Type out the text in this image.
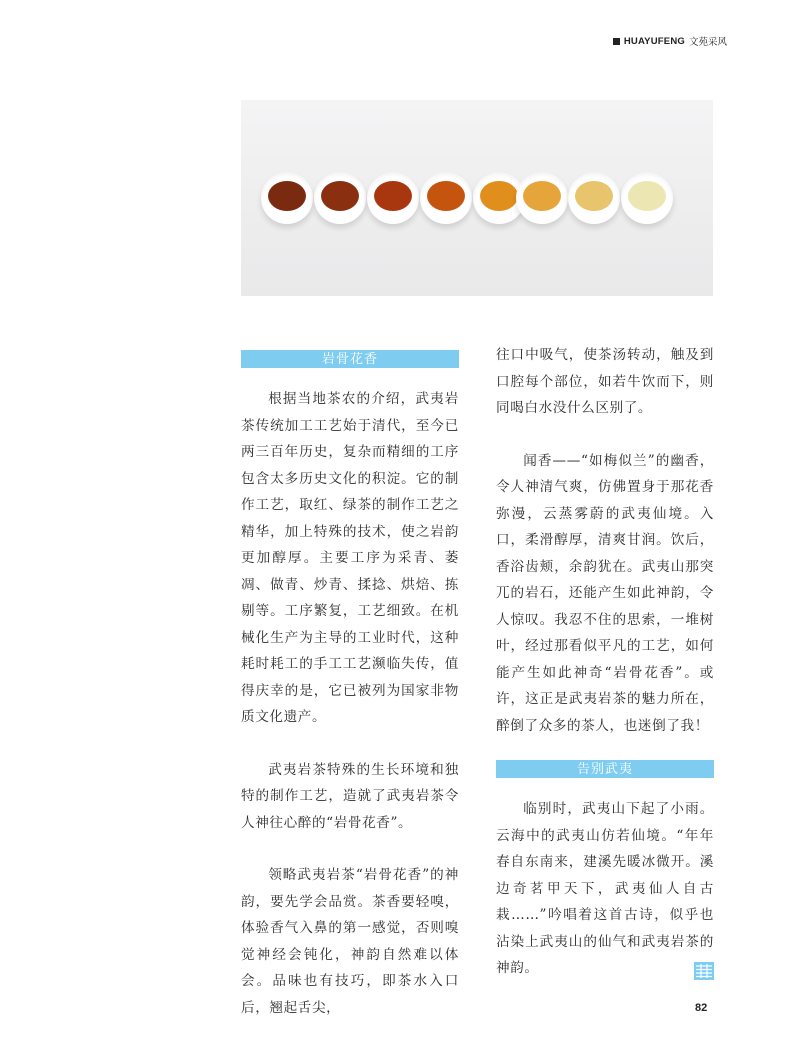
HUAYUFENG 文苑采风
岩骨花香

根据当地茶农的介绍，武夷岩茶传统加工工艺始于清代，至今已两三百年历史，复杂而精细的工序包含太多历史文化的积淀。它的制作工艺，取红、绿茶的制作工艺之精华，加上特殊的技术，使之岩韵更加醇厚。主要工序为采青、萎凋、做青、炒青、揉捻、烘焙、拣剔等。工序繁复，工艺细致。在机械化生产为主导的工业时代，这种耗时耗工的手工工艺濒临失传，值得庆幸的是，它已被列为国家非物质文化遗产。

武夷岩茶特殊的生长环境和独特的制作工艺，造就了武夷岩茶令人神往心醉的“岩骨花香”。

领略武夷岩茶“岩骨花香”的神韵，要先学会品赏。茶香要轻嗅，体验香气入鼻的第一感觉，否则嗅觉神经会钝化，神韵自然难以体会。品味也有技巧，即茶水入口后，翘起舌尖，

往口中吸气，使茶汤转动，触及到口腔每个部位，如若牛饮而下，则同喝白水没什么区别了。

闻香——“如梅似兰”的幽香，令人神清气爽，仿佛置身于那花香弥漫，云蒸雾蔚的武夷仙境。入口，柔滑醇厚，清爽甘润。饮后，香浴齿颊，余韵犹在。武夷山那突兀的岩石，还能产生如此神韵，令人惊叹。我忍不住的思索，一堆树叶，经过那看似平凡的工艺，如何能产生如此神奇“岩骨花香”。或许，这正是武夷岩茶的魅力所在，醉倒了众多的茶人，也迷倒了我！

告别武夷

临别时，武夷山下起了小雨。云海中的武夷山仿若仙境。“年年春自东南来，建溪先暖冰微开。溪边奇茗甲天下，武夷仙人自古栽……”吟唱着这首古诗，似乎也沾染上武夷山的仙气和武夷岩茶的神韵。

82
